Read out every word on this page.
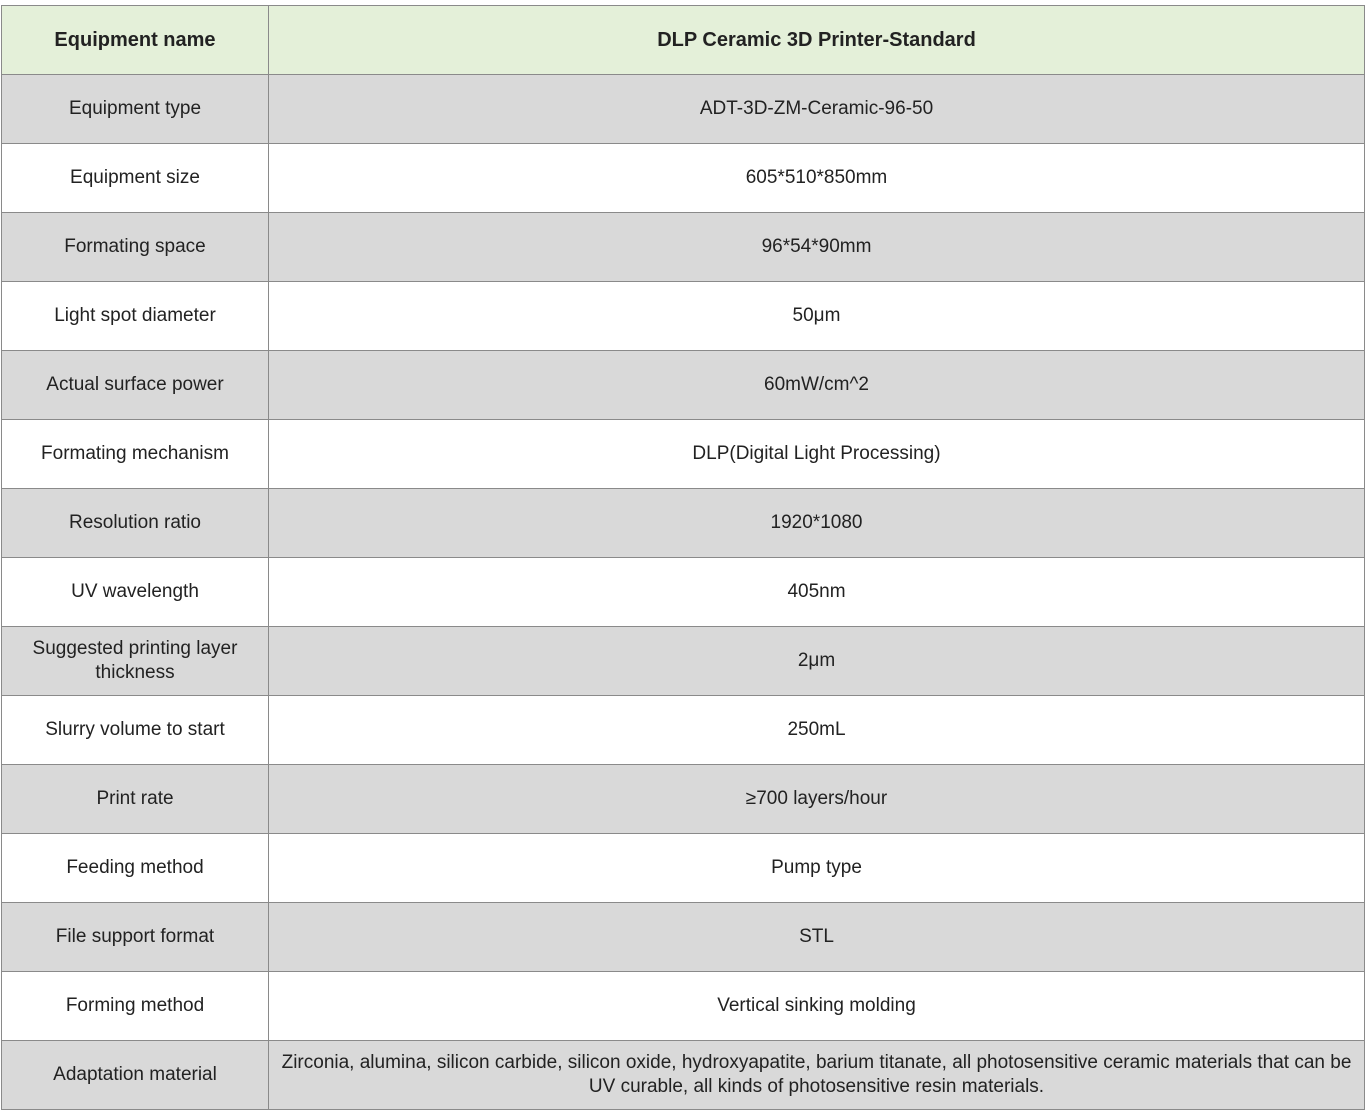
Equipment name	DLP Ceramic 3D Printer-Standard
Equipment type	ADT-3D-ZM-Ceramic-96-50
Equipment size	605*510*850mm
Formating space	96*54*90mm
Light spot diameter	50μm
Actual surface power	60mW/cm^2
Formating mechanism	DLP(Digital Light Processing)
Resolution ratio	1920*1080
UV wavelength	405nm
Suggested printing layer thickness	2μm
Slurry volume to start	250mL
Print rate	≥700 layers/hour
Feeding method	Pump type
File support format	STL
Forming method	Vertical sinking molding
Adaptation material	Zirconia, alumina, silicon carbide, silicon oxide, hydroxyapatite, barium titanate, all photosensitive ceramic materials that can be UV curable, all kinds of photosensitive resin materials.
